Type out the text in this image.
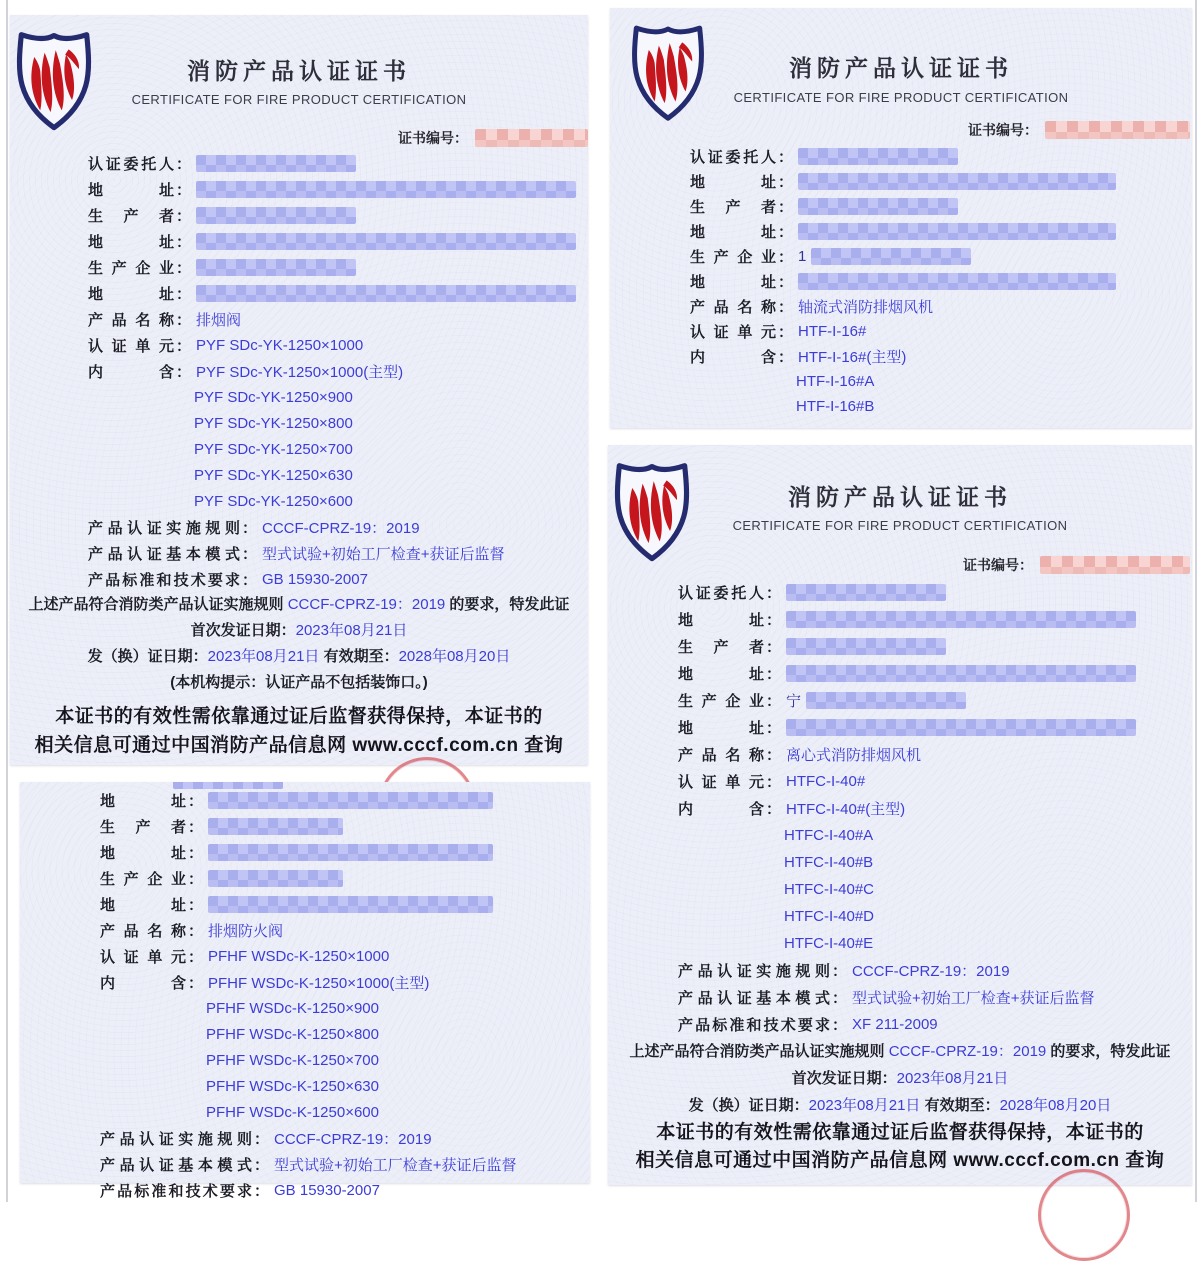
消防产品认证证书
CERTIFICATE FOR FIRE PRODUCT CERTIFICATION
证书编号：
认证委托人 ：
地址 ：
生产者 ：
地址 ：
生产企业 ：
地址 ：
产品名称 ： 排烟阀
认证单元 ： PYF SDc-YK-1250×1000
内含 ： PYF SDc-YK-1250×1000(主型)
PYF SDc-YK-1250×900
PYF SDc-YK-1250×800
PYF SDc-YK-1250×700
PYF SDc-YK-1250×630
PYF SDc-YK-1250×600
产品认证实施规则 ： CCCF-CPRZ-19：2019
产品认证基本模式 ： 型式试验+初始工厂检查+获证后监督
产品标准和技术要求 ： GB 15930-2007
上述产品符合消防类产品认证实施规则 CCCF-CPRZ-19：2019 的要求，特发此证
首次发证日期：2023年08月21日
发（换）证日期：2023年08月21日 有效期至：2028年08月20日
(本机构提示：认证产品不包括装饰口。)
本证书的有效性需依靠通过证后监督获得保持，本证书的
相关信息可通过中国消防产品信息网 www.cccf.com.cn 查询
地址 ：
生产者 ：
地址 ：
生产企业 ：
地址 ：
产品名称 ： 排烟防火阀
认证单元 ： PFHF WSDc-K-1250×1000
内含 ： PFHF WSDc-K-1250×1000(主型)
PFHF WSDc-K-1250×900
PFHF WSDc-K-1250×800
PFHF WSDc-K-1250×700
PFHF WSDc-K-1250×630
PFHF WSDc-K-1250×600
产品认证实施规则 ： CCCF-CPRZ-19：2019
产品认证基本模式 ： 型式试验+初始工厂检查+获证后监督
产品标准和技术要求 ： GB 15930-2007
消防产品认证证书
CERTIFICATE FOR FIRE PRODUCT CERTIFICATION
证书编号：
认证委托人 ：
地址 ：
生产者 ：
地址 ：
生产企业 ： 1
地址 ：
产品名称 ： 轴流式消防排烟风机
认证单元 ： HTF-I-16#
内含 ： HTF-I-16#(主型)
HTF-I-16#A
HTF-I-16#B
消防产品认证证书
CERTIFICATE FOR FIRE PRODUCT CERTIFICATION
证书编号：
认证委托人 ：
地址 ：
生产者 ：
地址 ：
生产企业 ： 宁
地址 ：
产品名称 ： 离心式消防排烟风机
认证单元 ： HTFC-I-40#
内含 ： HTFC-I-40#(主型)
HTFC-I-40#A
HTFC-I-40#B
HTFC-I-40#C
HTFC-I-40#D
HTFC-I-40#E
产品认证实施规则 ： CCCF-CPRZ-19：2019
产品认证基本模式 ： 型式试验+初始工厂检查+获证后监督
产品标准和技术要求 ： XF 211-2009
上述产品符合消防类产品认证实施规则 CCCF-CPRZ-19：2019 的要求，特发此证
首次发证日期：2023年08月21日
发（换）证日期：2023年08月21日 有效期至：2028年08月20日
本证书的有效性需依靠通过证后监督获得保持，本证书的
相关信息可通过中国消防产品信息网 www.cccf.com.cn 查询
